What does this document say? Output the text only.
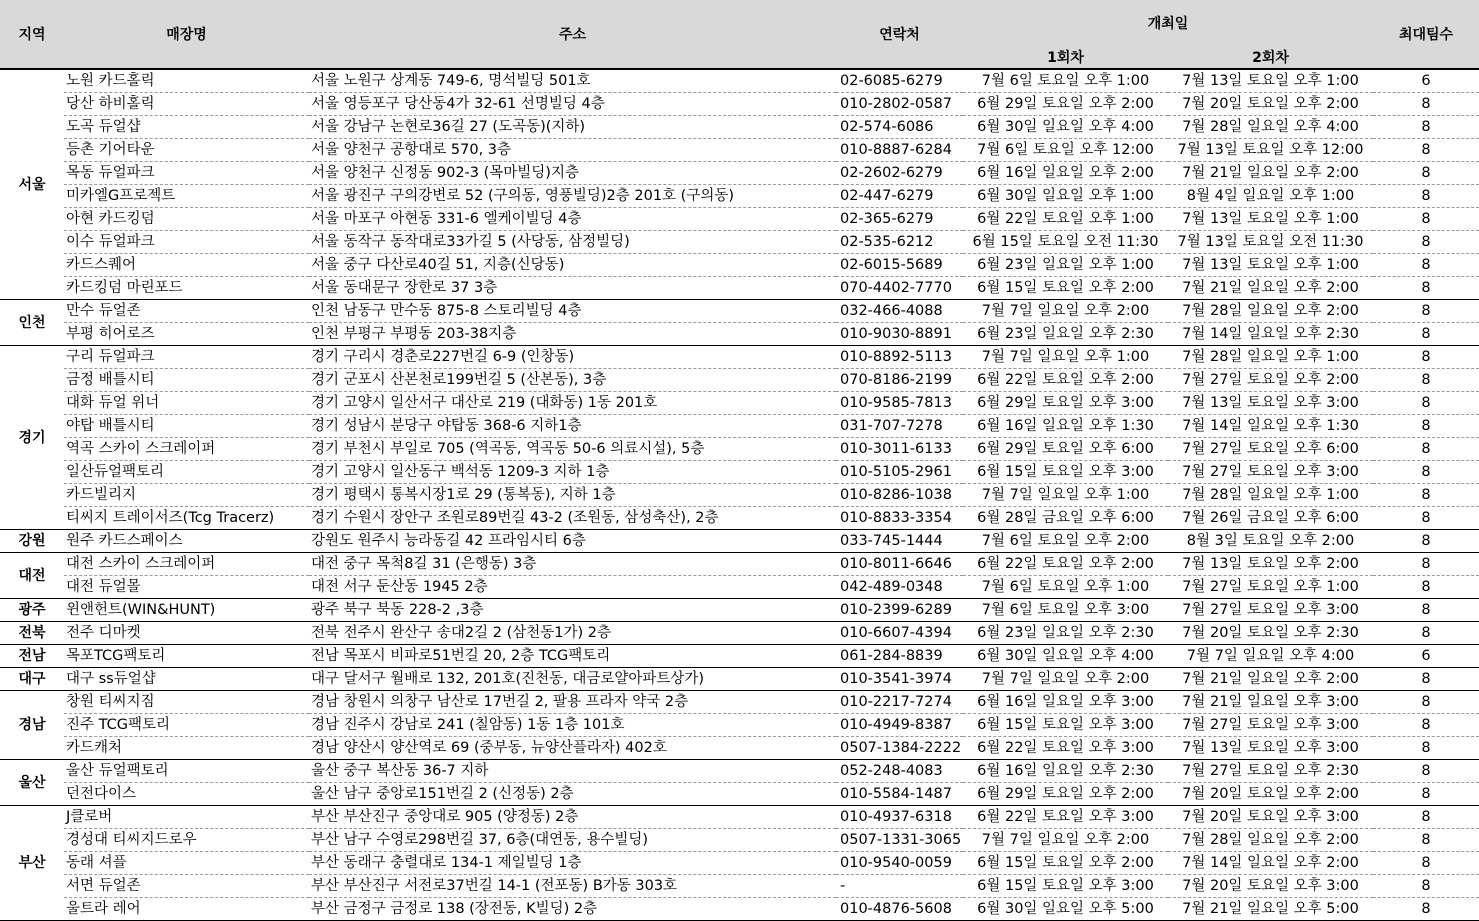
지역	매장명	주소	연락처	개최일		최대팀수
				1회차	2회차	
서울	노원 카드홀릭	서울 노원구 상계동 749-6, 명석빌딩 501호	02-6085-6279	7월 6일 토요일 오후 1:00	7월 13일 토요일 오후 1:00	6
	당산 하비홀릭	서울 영등포구 당산동4가 32-61 선명빌딩 4층	010-2802-0587	6월 29일 토요일 오후 2:00	7월 20일 토요일 오후 2:00	8
	도곡 듀얼샵	서울 강남구 논현로36길 27 (도곡동)(지하)	02-574-6086	6월 30일 일요일 오후 4:00	7월 28일 일요일 오후 4:00	8
	등촌 기어타운	서울 양천구 공항대로 570, 3층	010-8887-6284	7월 6일 토요일 오후 12:00	7월 13일 토요일 오후 12:00	8
	목동 듀얼파크	서울 양천구 신정동 902-3 (목마빌딩)지층	02-2602-6279	6월 16일 일요일 오후 2:00	7월 21일 일요일 오후 2:00	8
	미카엘G프로젝트	서울 광진구 구의강변로 52 (구의동, 영풍빌딩)2층 201호 (구의동)	02-447-6279	6월 30일 일요일 오후 1:00	8월 4일 일요일 오후 1:00	8
	아현 카드킹덤	서울 마포구 아현동 331-6 엘케이빌딩 4층	02-365-6279	6월 22일 토요일 오후 1:00	7월 13일 토요일 오후 1:00	8
	이수 듀얼파크	서울 동작구 동작대로33가길 5 (사당동, 삼정빌딩)	02-535-6212	6월 15일 토요일 오전 11:30	7월 13일 토요일 오전 11:30	8
	카드스퀘어	서울 중구 다산로40길 51, 지층(신당동)	02-6015-5689	6월 23일 일요일 오후 1:00	7월 13일 토요일 오후 1:00	8
	카드킹덤 마린포드	서울 동대문구 장한로 37 3층	070-4402-7770	6월 15일 토요일 오후 2:00	7월 21일 일요일 오후 2:00	8
인천	만수 듀얼존	인천 남동구 만수동 875-8 스토리빌딩 4층	032-466-4088	7월 7일 일요일 오후 2:00	7월 28일 일요일 오후 2:00	8
	부평 히어로즈	인천 부평구 부평동 203-38지층	010-9030-8891	6월 23일 일요일 오후 2:30	7월 14일 일요일 오후 2:30	8
경기	구리 듀얼파크	경기 구리시 경춘로227번길 6-9 (인창동)	010-8892-5113	7월 7일 일요일 오후 1:00	7월 28일 일요일 오후 1:00	8
	금정 배틀시티	경기 군포시 산본천로199번길 5 (산본동), 3층	070-8186-2199	6월 22일 토요일 오후 2:00	7월 27일 토요일 오후 2:00	8
	대화 듀얼 위너	경기 고양시 일산서구 대산로 219 (대화동) 1동 201호	010-9585-7813	6월 29일 토요일 오후 3:00	7월 13일 토요일 오후 3:00	8
	야탑 배틀시티	경기 성남시 분당구 야탑동 368-6 지하1층	031-707-7278	6월 16일 일요일 오후 1:30	7월 14일 일요일 오후 1:30	8
	역곡 스카이 스크레이퍼	경기 부천시 부일로 705 (역곡동, 역곡동 50-6 의료시설), 5층	010-3011-6133	6월 29일 토요일 오후 6:00	7월 27일 토요일 오후 6:00	8
	일산듀얼팩토리	경기 고양시 일산동구 백석동 1209-3 지하 1층	010-5105-2961	6월 15일 토요일 오후 3:00	7월 27일 토요일 오후 3:00	8
	카드빌리지	경기 평택시 통복시장1로 29 (통복동), 지하 1층	010-8286-1038	7월 7일 일요일 오후 1:00	7월 28일 일요일 오후 1:00	8
	티씨지 트레이서즈(Tcg Tracerz)	경기 수원시 장안구 조원로89번길 43-2 (조원동, 삼성축산), 2층	010-8833-3354	6월 28일 금요일 오후 6:00	7월 26일 금요일 오후 6:00	8
강원	원주 카드스페이스	강원도 원주시 능라동길 42 프라임시티 6층	033-745-1444	7월 6일 토요일 오후 2:00	8월 3일 토요일 오후 2:00	8
대전	대전 스카이 스크레이퍼	대전 중구 목척8길 31 (은행동) 3층	010-8011-6646	6월 22일 토요일 오후 2:00	7월 13일 토요일 오후 2:00	8
	대전 듀얼몰	대전 서구 둔산동 1945 2층	042-489-0348	7월 6일 토요일 오후 1:00	7월 27일 토요일 오후 1:00	8
광주	윈앤헌트(WIN&HUNT)	광주 북구 북동 228-2 ,3층	010-2399-6289	7월 6일 토요일 오후 3:00	7월 27일 토요일 오후 3:00	8
전북	전주 디마켓	전북 전주시 완산구 송대2길 2 (삼천동1가) 2층	010-6607-4394	6월 23일 일요일 오후 2:30	7월 20일 토요일 오후 2:30	8
전남	목포TCG팩토리	전남 목포시 비파로51번길 20, 2층 TCG팩토리	061-284-8839	6월 30일 일요일 오후 4:00	7월 7일 일요일 오후 4:00	6
대구	대구 ss듀얼샵	대구 달서구 월배로 132, 201호(진천동, 대금로얄아파트상가)	010-3541-3974	7월 7일 일요일 오후 2:00	7월 21일 일요일 오후 2:00	8
경남	창원 티씨지짐	경남 창원시 의창구 남산로 17번길 2, 팔용 프라자 약국 2층	010-2217-7274	6월 16일 일요일 오후 3:00	7월 21일 일요일 오후 3:00	8
	진주 TCG팩토리	경남 진주시 강남로 241 (칠암동) 1동 1층 101호	010-4949-8387	6월 15일 토요일 오후 3:00	7월 27일 토요일 오후 3:00	8
	카드캐처	경남 양산시 양산역로 69 (중부동, 뉴양산플라자) 402호	0507-1384-2222	6월 22일 토요일 오후 3:00	7월 13일 토요일 오후 3:00	8
울산	울산 듀얼팩토리	울산 중구 복산동 36-7 지하	052-248-4083	6월 16일 일요일 오후 2:30	7월 27일 토요일 오후 2:30	8
	던전다이스	울산 남구 중앙로151번길 2 (신정동) 2층	010-5584-1487	6월 29일 토요일 오후 2:00	7월 20일 토요일 오후 2:00	8
부산	J클로버	부산 부산진구 중앙대로 905 (양정동) 2층	010-4937-6318	6월 22일 토요일 오후 3:00	7월 20일 토요일 오후 3:00	8
	경성대 티씨지드로우	부산 남구 수영로298번길 37, 6층(대연동, 용수빌딩)	0507-1331-3065	7월 7일 일요일 오후 2:00	7월 28일 일요일 오후 2:00	8
	동래 셔플	부산 동래구 충렬대로 134-1 제일빌딩 1층	010-9540-0059	6월 15일 토요일 오후 2:00	7월 14일 일요일 오후 2:00	8
	서면 듀얼존	부산 부산진구 서전로37번길 14-1 (전포동) B가동 303호	-	6월 15일 토요일 오후 3:00	7월 20일 토요일 오후 3:00	8
	울트라 레어	부산 금정구 금정로 138 (장전동, K빌딩) 2층	010-4876-5608	6월 30일 일요일 오후 5:00	7월 21일 일요일 오후 5:00	8
